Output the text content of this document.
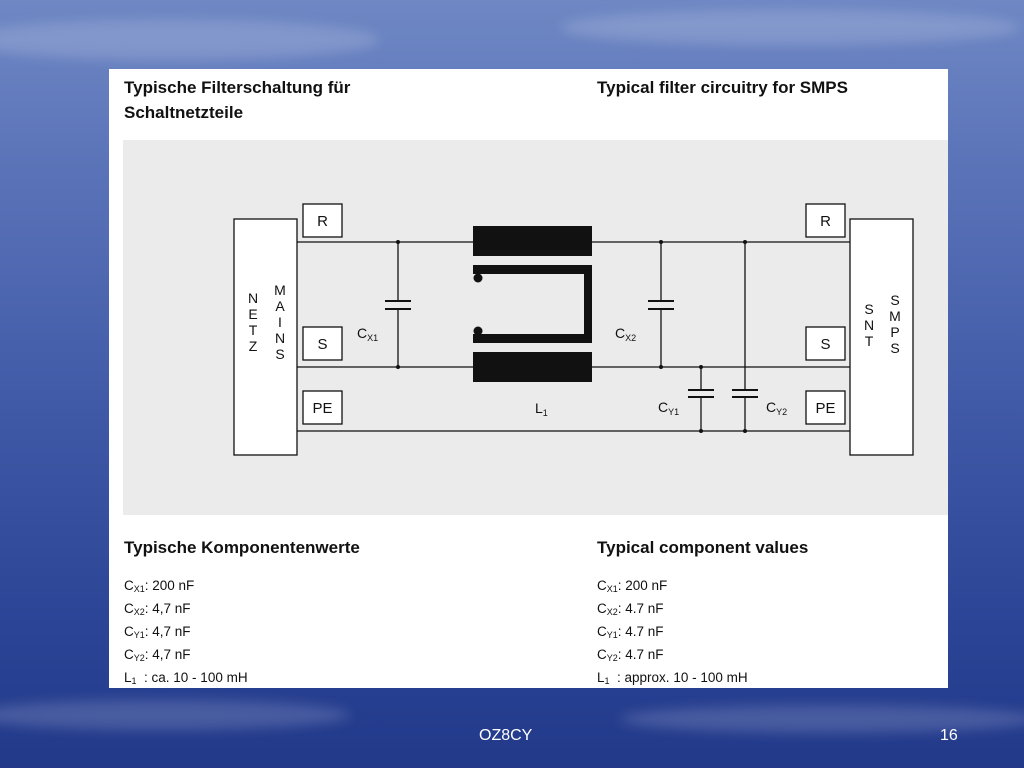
Typische Filterschaltung für Schaltnetzteile
Typical filter circuitry for SMPS
R
S
PE
R
S
PE
N E T Z
M A I N S
S N T
S M P S
$C_{X1}$	$C_{X2}$
$C_{Y1}$	$C_{Y2}$
$L_1$
Typische Komponentenwerte	Typical component values
$C_{X1}$: 200 nF
$C_{X2}$: 4,7 nF
$C_{Y1}$: 4,7 nF
$C_{Y2}$: 4,7 nF
$L_1$  : ca. 10 - 100 mH
$C_{X1}$: 200 nF
$C_{X2}$: 4.7 nF
$C_{Y1}$: 4.7 nF
$C_{Y2}$: 4.7 nF
$L_1$  : approx. 10 - 100 mH
OZ8CY	16
